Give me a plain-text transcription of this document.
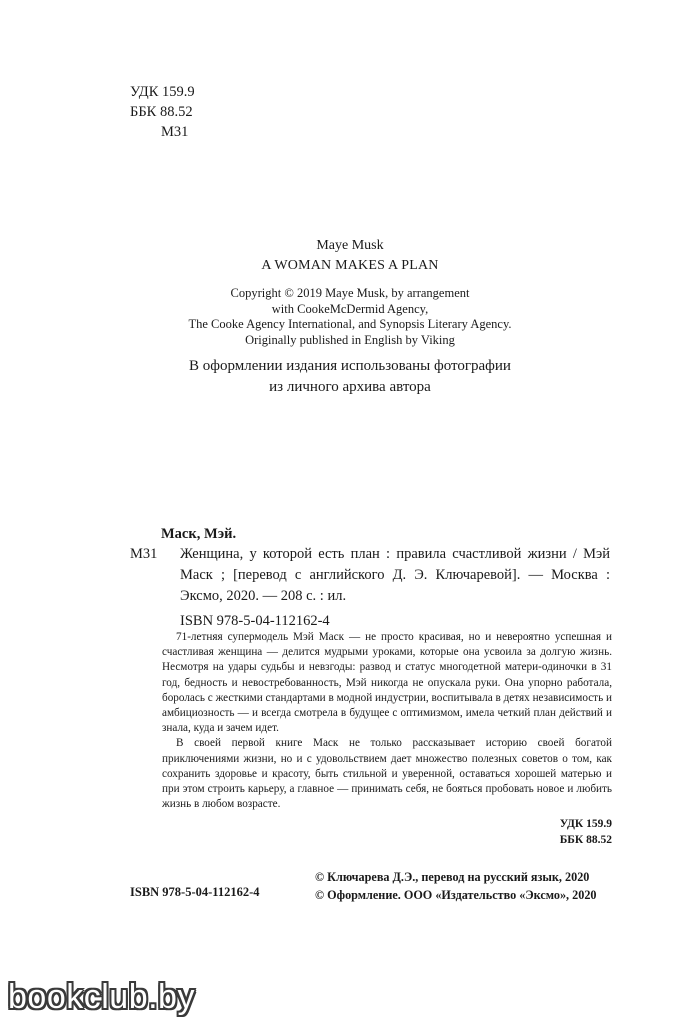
УДК 159.9
ББК 88.52
М31
Maye Musk
A WOMAN MAKES A PLAN
Copyright © 2019 Maye Musk, by arrangement
with CookeMcDermid Agency,
The Cooke Agency International, and Synopsis Literary Agency.
Originally published in English by Viking
В оформлении издания использованы фотографии
из личного архива автора
Маск, Мэй.
М31	Женщина, у которой есть план : правила счастливой жизни / Мэй Маск ; [перевод с английского Д. Э. Ключаревой]. — Москва : Эксмо, 2020. — 208 с. : ил.
ISBN 978-5-04-112162-4

71-летняя супермодель Мэй Маск — не просто красивая, но и невероятно успешная и счастливая женщина — делится мудрыми уроками, которые она усвоила за долгую жизнь. Несмотря на удары судьбы и невзгоды: развод и статус многодетной матери-одиночки в 31 год, бедность и невостребованность, Мэй никогда не опускала руки. Она упорно работала, боролась с жесткими стандартами в модной индустрии, воспитывала в детях независимость и амбициозность — и всегда смотрела в будущее с оптимизмом, имела четкий план действий и знала, куда и зачем идет.

В своей первой книге Маск не только рассказывает историю своей богатой приключениями жизни, но и с удовольствием дает множество полезных советов о том, как сохранить здоровье и красоту, быть стильной и уверенной, оставаться хорошей матерью и при этом строить карьеру, а главное — принимать себя, не бояться пробовать новое и любить жизнь в любом возрасте.

УДК 159.9
ББК 88.52
ISBN 978-5-04-112162-4
© Ключарева Д.Э., перевод на русский язык, 2020
© Оформление. ООО «Издательство «Эксмо», 2020
bookclub.by
